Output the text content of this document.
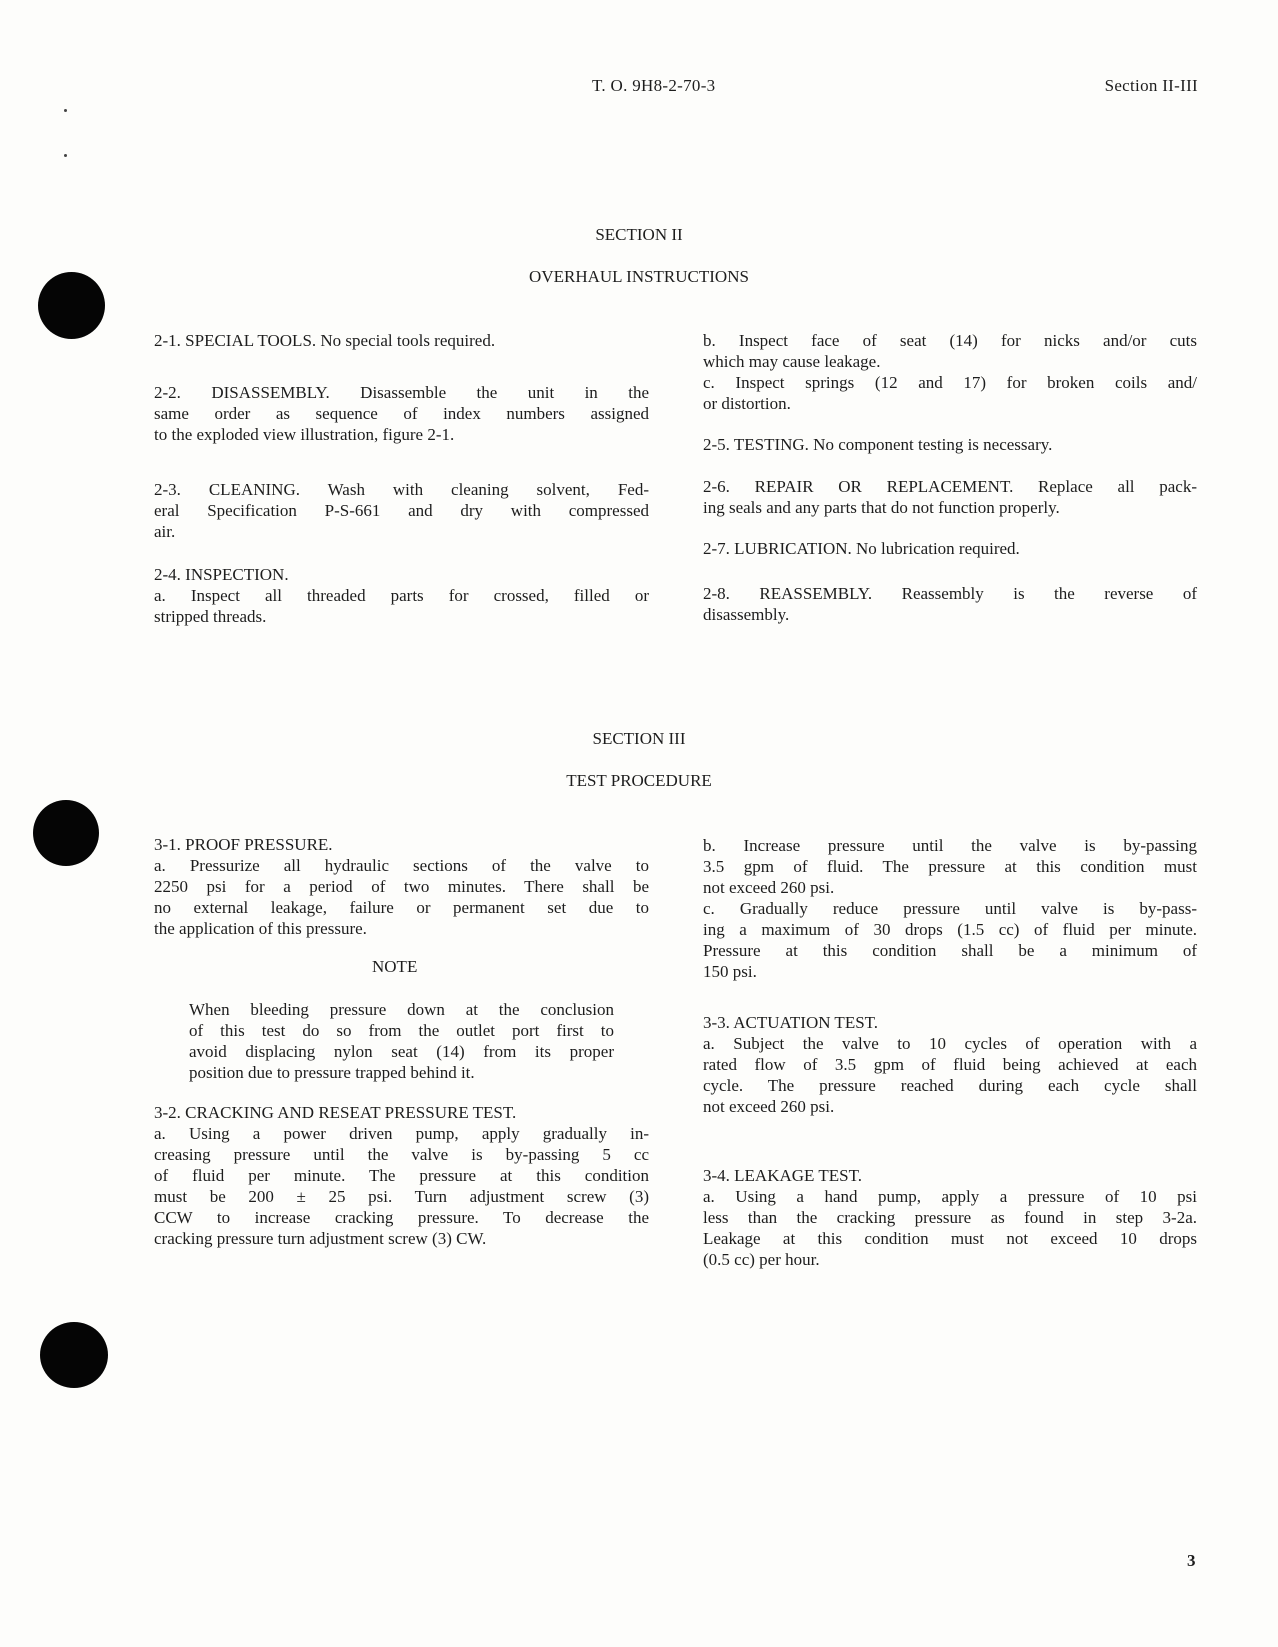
T. O. 9H8-2-70-3	Section II-III
SECTION II
OVERHAUL INSTRUCTIONS
SECTION III
TEST PROCEDURE
NOTE
2-1. SPECIAL TOOLS. No special tools required.
2-2. DISASSEMBLY. Disassemble the unit in the
same order as sequence of index numbers assigned
to the exploded view illustration, figure 2-1.
2-3. CLEANING. Wash with cleaning solvent, Fed-
eral Specification P-S-661 and dry with compressed
air.
2-4. INSPECTION.
a. Inspect all threaded parts for crossed, filled or
stripped threads.
b. Inspect face of seat (14) for nicks and/or cuts
which may cause leakage.
c. Inspect springs (12 and 17) for broken coils and/
or distortion.
2-5. TESTING. No component testing is necessary.
2-6. REPAIR OR REPLACEMENT. Replace all pack-
ing seals and any parts that do not function properly.
2-7. LUBRICATION. No lubrication required.
2-8. REASSEMBLY. Reassembly is the reverse of
disassembly.
3-1. PROOF PRESSURE.
a. Pressurize all hydraulic sections of the valve to
2250 psi for a period of two minutes. There shall be
no external leakage, failure or permanent set due to
the application of this pressure.
When bleeding pressure down at the conclusion
of this test do so from the outlet port first to
avoid displacing nylon seat (14) from its proper
position due to pressure trapped behind it.
3-2. CRACKING AND RESEAT PRESSURE TEST.
a. Using a power driven pump, apply gradually in-
creasing pressure until the valve is by-passing 5 cc
of fluid per minute. The pressure at this condition
must be 200 ± 25 psi. Turn adjustment screw (3)
CCW to increase cracking pressure. To decrease the
cracking pressure turn adjustment screw (3) CW.
b. Increase pressure until the valve is by-passing
3.5 gpm of fluid. The pressure at this condition must
not exceed 260 psi.
c. Gradually reduce pressure until valve is by-pass-
ing a maximum of 30 drops (1.5 cc) of fluid per minute.
Pressure at this condition shall be a minimum of
150 psi.
3-3. ACTUATION TEST.
a. Subject the valve to 10 cycles of operation with a
rated flow of 3.5 gpm of fluid being achieved at each
cycle. The pressure reached during each cycle shall
not exceed 260 psi.
3-4. LEAKAGE TEST.
a. Using a hand pump, apply a pressure of 10 psi
less than the cracking pressure as found in step 3-2a.
Leakage at this condition must not exceed 10 drops
(0.5 cc) per hour.
3
